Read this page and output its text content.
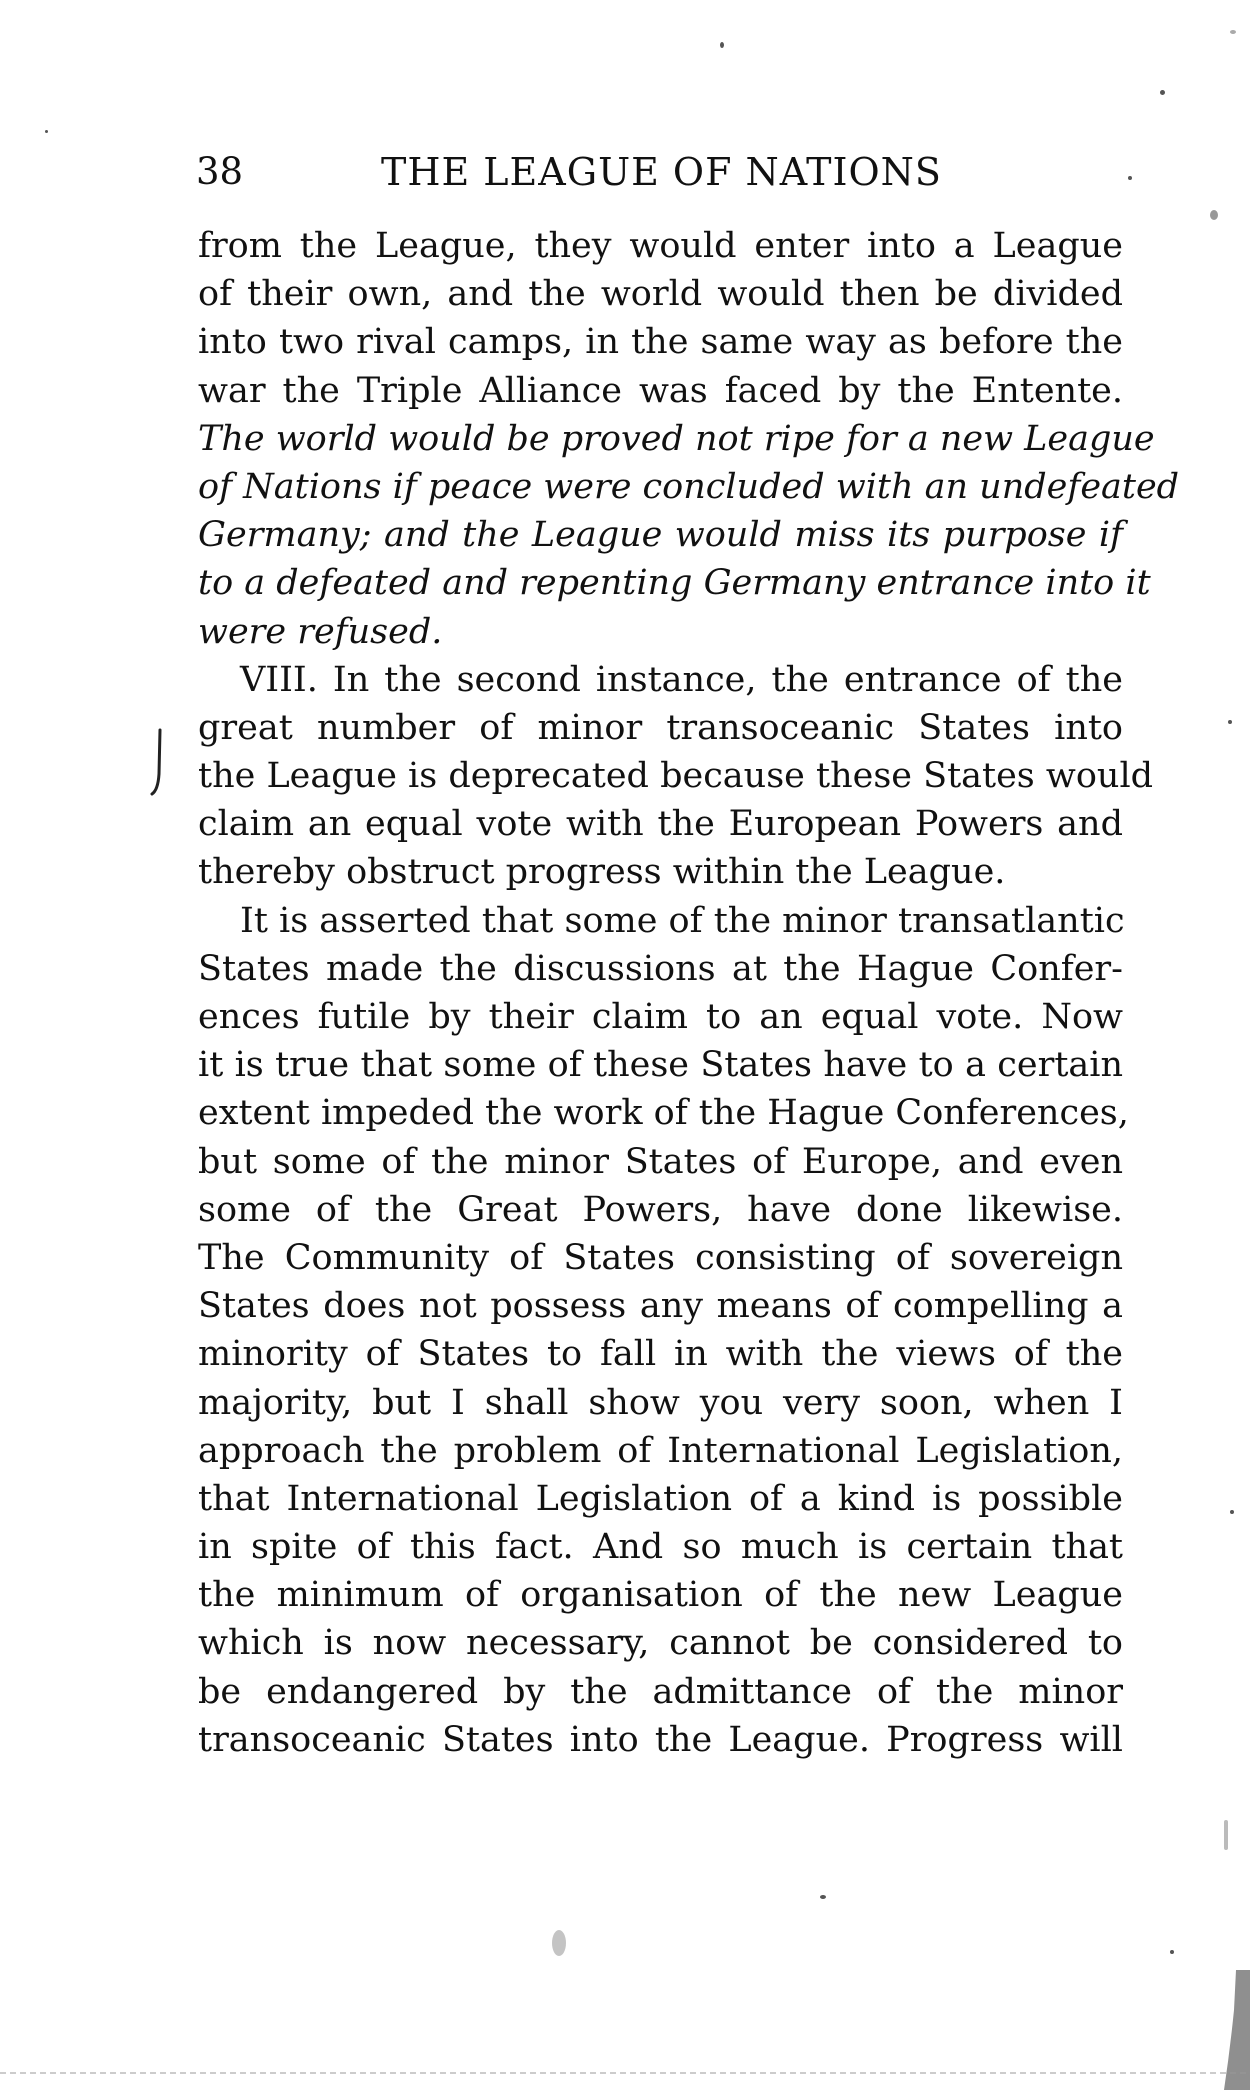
38	THE LEAGUE OF NATIONS
from the League, they would enter into a League
of their own, and the world would then be divided
into two rival camps, in the same way as before the
war the Triple Alliance was faced by the Entente.
The world would be proved not ripe for a new League
of Nations if peace were concluded with an undefeated
Germany; and the League would miss its purpose if
to a defeated and repenting Germany entrance into it
were refused.
VIII. In the second instance, the entrance of the
great number of minor transoceanic States into
the League is deprecated because these States would
claim an equal vote with the European Powers and
thereby obstruct progress within the League.
It is asserted that some of the minor transatlantic
States made the discussions at the Hague Confer-
ences futile by their claim to an equal vote. Now
it is true that some of these States have to a certain
extent impeded the work of the Hague Conferences,
but some of the minor States of Europe, and even
some of the Great Powers, have done likewise.
The Community of States consisting of sovereign
States does not possess any means of compelling a
minority of States to fall in with the views of the
majority, but I shall show you very soon, when I
approach the problem of International Legislation,
that International Legislation of a kind is possible
in spite of this fact. And so much is certain that
the minimum of organisation of the new League
which is now necessary, cannot be considered to
be endangered by the admittance of the minor
transoceanic States into the League. Progress will
